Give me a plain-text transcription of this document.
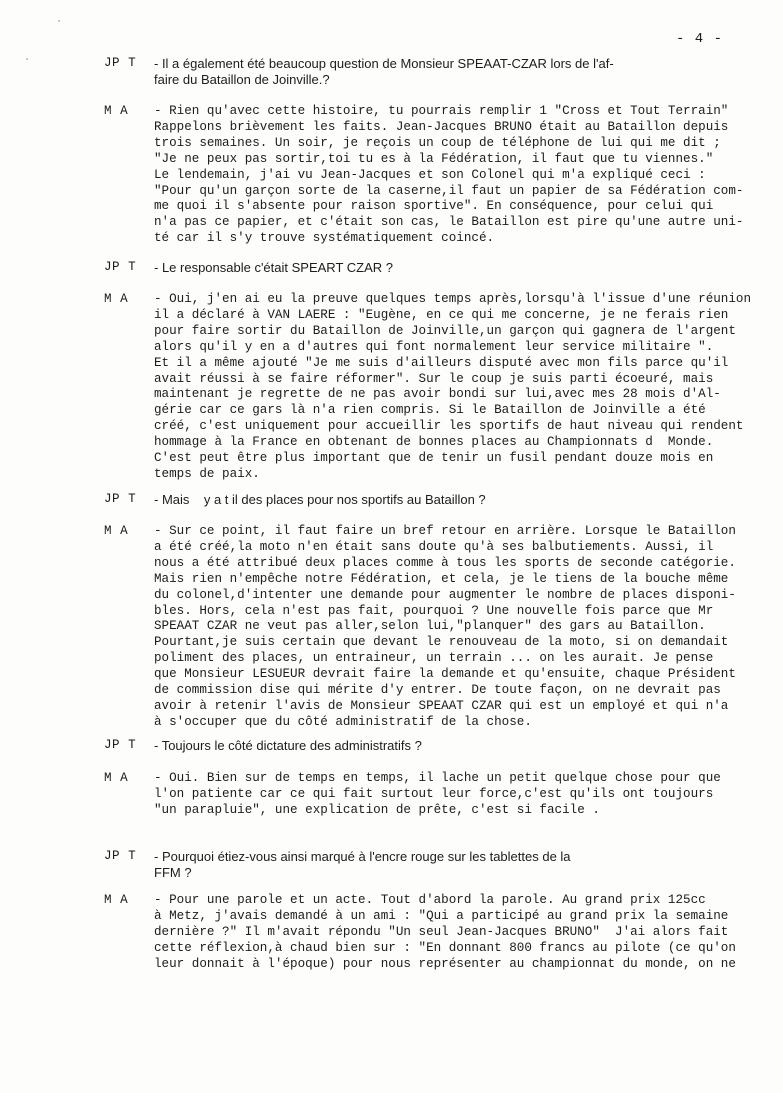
- 4 -
JP T - Il a également été beaucoup question de Monsieur SPEAAT-CZAR lors de l'af-
faire du Bataillon de Joinville.?
M A - Rien qu'avec cette histoire, tu pourrais remplir 1 "Cross et Tout Terrain"
Rappelons brièvement les faits. Jean-Jacques BRUNO était au Bataillon depuis
trois semaines. Un soir, je reçois un coup de téléphone de lui qui me dit ;
"Je ne peux pas sortir,toi tu es à la Fédération, il faut que tu viennes."
Le lendemain, j'ai vu Jean-Jacques et son Colonel qui m'a expliqué ceci :
"Pour qu'un garçon sorte de la caserne,il faut un papier de sa Fédération com-
me quoi il s'absente pour raison sportive". En conséquence, pour celui qui
n'a pas ce papier, et c'était son cas, le Bataillon est pire qu'une autre uni-
té car il s'y trouve systématiquement coincé.
JP T - Le responsable c'était SPEART CZAR ?
M A - Oui, j'en ai eu la preuve quelques temps après,lorsqu'à l'issue d'une réunion
il a déclaré à VAN LAERE : "Eugène, en ce qui me concerne, je ne ferais rien
pour faire sortir du Bataillon de Joinville,un garçon qui gagnera de l'argent
alors qu'il y en a d'autres qui font normalement leur service militaire ".
Et il a même ajouté "Je me suis d'ailleurs disputé avec mon fils parce qu'il
avait réussi à se faire réformer". Sur le coup je suis parti écoeuré, mais
maintenant je regrette de ne pas avoir bondi sur lui,avec mes 28 mois d'Al-
gérie car ce gars là n'a rien compris. Si le Bataillon de Joinville a été
créé, c'est uniquement pour accueillir les sportifs de haut niveau qui rendent
hommage à la France en obtenant de bonnes places au Championnats d  Monde.
C'est peut être plus important que de tenir un fusil pendant douze mois en
temps de paix.
JP T - Mais    y a t il des places pour nos sportifs au Bataillon ?
M A - Sur ce point, il faut faire un bref retour en arrière. Lorsque le Bataillon
a été créé,la moto n'en était sans doute qu'à ses balbutiements. Aussi, il
nous a été attribué deux places comme à tous les sports de seconde catégorie.
Mais rien n'empêche notre Fédération, et cela, je le tiens de la bouche même
du colonel,d'intenter une demande pour augmenter le nombre de places disponi-
bles. Hors, cela n'est pas fait, pourquoi ? Une nouvelle fois parce que Mr
SPEAAT CZAR ne veut pas aller,selon lui,"planquer" des gars au Bataillon.
Pourtant,je suis certain que devant le renouveau de la moto, si on demandait
poliment des places, un entraineur, un terrain ... on les aurait. Je pense
que Monsieur LESUEUR devrait faire la demande et qu'ensuite, chaque Président
de commission dise qui mérite d'y entrer. De toute façon, on ne devrait pas
avoir à retenir l'avis de Monsieur SPEAAT CZAR qui est un employé et qui n'a
à s'occuper que du côté administratif de la chose.
JP T - Toujours le côté dictature des administratifs ?
M A - Oui. Bien sur de temps en temps, il lache un petit quelque chose pour que
l'on patiente car ce qui fait surtout leur force,c'est qu'ils ont toujours
"un parapluie", une explication de prête, c'est si facile .
JP T - Pourquoi étiez-vous ainsi marqué à l'encre rouge sur les tablettes de la
FFM ?
M A - Pour une parole et un acte. Tout d'abord la parole. Au grand prix 125cc
à Metz, j'avais demandé à un ami : "Qui a participé au grand prix la semaine
dernière ?" Il m'avait répondu "Un seul Jean-Jacques BRUNO"  J'ai alors fait
cette réflexion,à chaud bien sur : "En donnant 800 francs au pilote (ce qu'on
leur donnait à l'époque) pour nous représenter au championnat du monde, on ne
